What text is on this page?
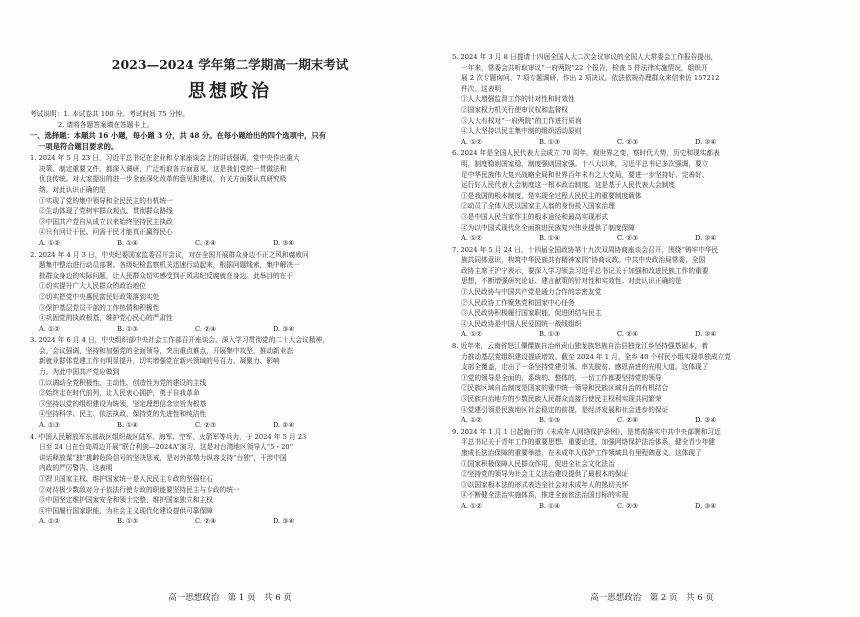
2023—2024 学年第二学期高一期末考试
思想政治
考试说明：1. 本试卷共 100 分。考试时间 75 分钟。
2. 请将各题答案填在答题卡上。
一、选择题：本题共 16 小题，每小题 3 分，共 48 分。在每小题给出的四个选项中，只有
一项是符合题目要求的。
1. 2024 年 5 月 23 日，习近平总书记在企业和专家座谈会上的讲话强调，党中央作出重大
决策、制定重要文件，都深入调研，广泛听取各方面意见，这是我们党的一贯做法和
优良传统。对大家提出的进一步全面深化改革的意见和建议，有关方面要认真研究吸
纳。对此认识正确的是
①实现了党的集中领导和全民民主的有机统一
②生动体现了党树牢群众观点、贯彻群众路线
③中国共产党自从成立以来始终坚持民主执政
④只有问计于民、问需于民才能真正赢得民心
A. ①②	B. ①④	C. ②④	D. ③④
2. 2024 年 4 月 3 日，中央纪委国家监委召开会议，对在全国开展群众身边不正之风和腐败问
题集中整治进行动员部署。各级纪检监察机关迅速行动起来，根据问题线索，集中解决一
批群众身边的实际问题，让人民群众切实感受到正风肃纪反腐就在身边。此举目的在于
①切实提升广大人民群众的政治地位
②切实把党中央惠民富民好政策落到实处
③保护基层党员干部的工作热情和积极性
④巩固党的执政根基，维护党心民心的严肃性
A. ①②	B. ①③	C. ②④	D. ③④
3. 2024 年 6 月 4 日，中央组织部中央社会工作部召开座谈会，深入学习贯彻党的二十大会议精神，
会。会议强调，坚持和加强党的全面领导，突出重点难点，开展集中攻坚，推动新业态
新就业群体党建工作有明显提升，切实增强党在新兴领域的号召力、凝聚力、影响
力。为此中国共产党应做到
①以调动全党积极性、主动性、创造性为党的建设的主线
②始终走在时代前列，让人民衷心拥护，勇于自我革命
③坚持以党的组织建设为统领，坚定理想信念宗旨为根基
④坚持科学、民主、依法执政，保持党的先进性和纯洁性
A. ①③	B. ①④	C. ②③	D. ②④
4. 中国人民解放军东部战区组织战区陆军、海军、空军、火箭军等兵力，于 2024 年 5 月 23
日至 24 日在台岛周边开展“联合利剑—2024A”演习，这是对台湾地区领导人“5・20”
讲话释放谋“独”挑衅危险信号的坚决惩戒，是对外部势力纵容支持“台独”，干涉中国
内政的严厉警告。这表明
①捍卫国家主权、维护国家统一是人民民主专政的坚强柱石
②对待极少数敌对分子依法行使专政的职能要坚持民主与专政的统一
③中国坚定维护国家安全和领土完整，维护国家独立和主权
④中国履行国家职能，为社会主义现代化建设提供可靠保障
A. ①②	B. ①③	C. ②④	D. ③④
高一思想政治　第 1 页　共 6 页
5. 2024 年 3 月 8 日提请十四届全国人大二次会议审议的全国人大常委会工作报告提出，
一年来，常委会共听取审议“一府两院”22 个报告，检查 5 件法律实施情况，组织开
展 2 次专题询问、7 项专题调研，作出 2 项决议。依法依规办理群众来信来访 157212
件次。这表明
①人大增强监督工作的针对性和时效性
②国家权力机关行使审议权和监督权
③人大有权对“一府两院”的工作进行质询
④人大坚持以民主集中制的组织活动原则
A. ①②	B. ①③	C. ②③	D. ③④
6. 2024 年是全国人民代表大会成立 70 周年。观世界之变，察时代大势，历史和现实都表
明，制度稳则国家稳，制度强则国家强。十八大以来，习近平总书记多次强调，要立
足中华民族伟大复兴战略全局和世界百年未有之大变局，要进一步坚持好、完善好、
运行好人民代表大会制度这一根本政治制度。这是基于人民代表大会制度
①是我国的根本制度，是实现全过程人民民主的重要制度载体
②动员了全体人民以国家主人翁的身份投入国家治理
③是中国人民当家作主的根本途径和最高实现形式
④为以中国式现代化全面推进民族复兴伟业提供了制度保障
A. ①②	B. ①④	C. ②③	D. ③④
7. 2024 年 5 月 24 日，十四届全国政协第十九次双周协商座谈会召开，围绕“铸牢中华民
族共同体意识，构筑中华民族共有精神家园”协商议政。中共中央政治局常委、全国
政协主席王沪宁表示，要深入学习领会习近平总书记关于加强和改进民族工作的重要
思想，不断增强研究论证、建言献策的针对性和实效性。对此认识正确的是
①人民政协与中国共产党是通力合作的亲密友党
②人民政协工作聚焦党和国家中心任务
③人民政协积极履行国家职能，促进团结与民主
④人民政协是中国人民爱国统一战线组织
A. ①②	B. ①③	C. ②④	D. ③④
8. 近年来，云南省怒江傈僳族自治州贡山独龙族怒族自治县独龙江乡坚持强基固本，着
力推动基层党组织建设提质增效。截至 2024 年 1 月，全乡 40 个村民小组实现单独成立党
支部全覆盖，走出了一条坚持党建引领、率先脱贫、感恩奋进的光明大道。这体现了
①党的领导是全面的、系统的、整体的，一切工作都要坚持党的领导
②民族区域自治制度是国家的重中统一领导和民族区域自治的有机结合
③民族自治地方的少数民族人民群众直接行使民主权利实现共同繁荣
④党建引领是民族地区社会稳定的前提，是经济发展和社会进步的保证
A. ①②	B. ①③	C. ②④	D. ③④
9. 2024 年 1 月 1 日起施行的《未成年人网络保护条例》，是贯彻落实中共中央部署和习近
平总书记关于青年工作的重要思想、重要论述，加强网络保护法治体系，健全青少年健
康成长法治保障的重要举措，在未成年人保护工作领域具有里程碑意义。这体现了
①国家积极保障人民群众作用，促进全社会文化法治
②坚持党的领导为社会主义法治建设提供了最根本的保证
③以国家根本法的形式表达全社会对未成年人的热切关怀
④不断健全法治实施体系，推进全面依法治国目标的实现
A. ①②	B. ①④	C. ②③	D. ③④
高一思想政治　第 2 页　共 6 页
